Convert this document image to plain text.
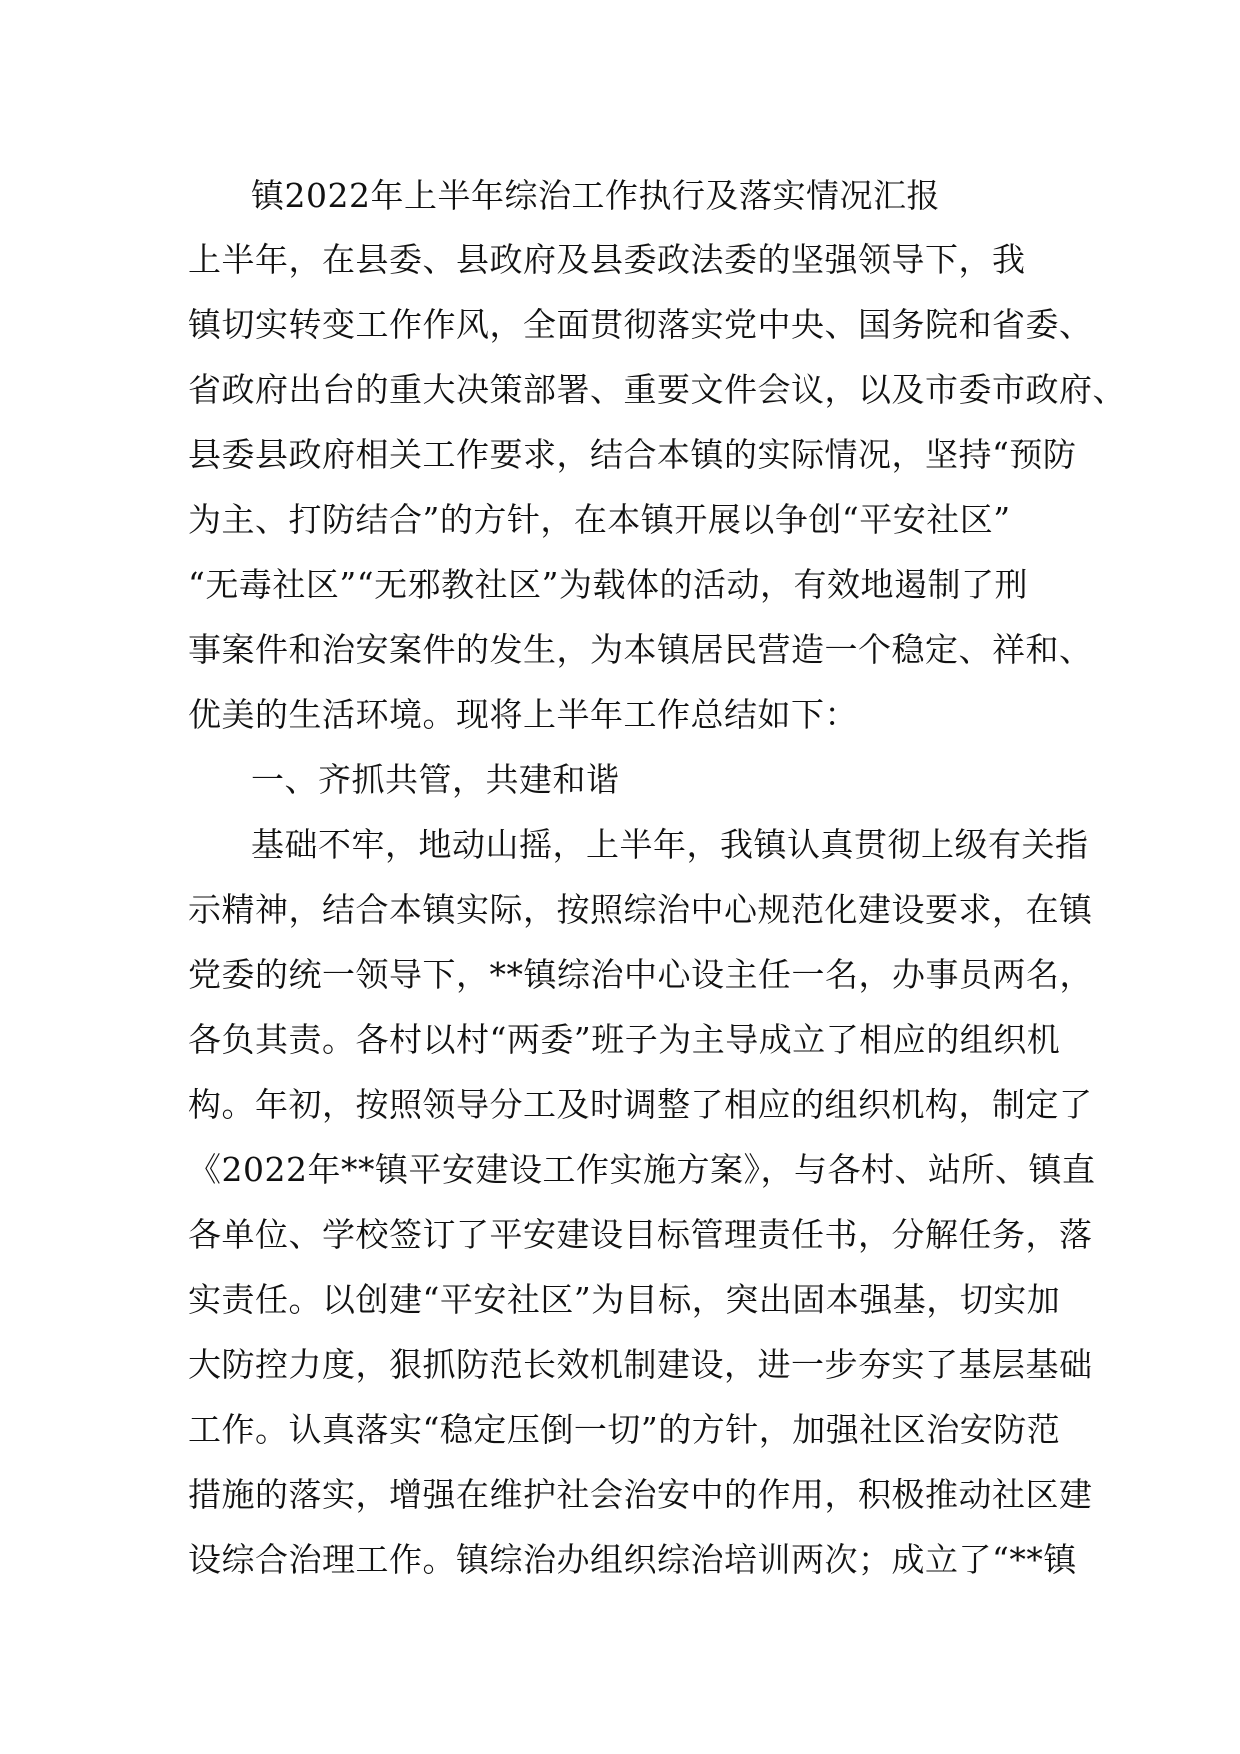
镇2022年上半年综治工作执行及落实情况汇报
上半年，在县委、县政府及县委政法委的坚强领导下，我
镇切实转变工作作风，全面贯彻落实党中央、国务院和省委、
省政府出台的重大决策部署、重要文件会议，以及市委市政府、
县委县政府相关工作要求，结合本镇的实际情况，坚持“预防
为主、打防结合”的方针，在本镇开展以争创“平安社区”
“无毒社区”“无邪教社区”为载体的活动，有效地遏制了刑
事案件和治安案件的发生，为本镇居民营造一个稳定、祥和、
优美的生活环境。现将上半年工作总结如下：
一、齐抓共管，共建和谐
基础不牢，地动山摇，上半年，我镇认真贯彻上级有关指
示精神，结合本镇实际，按照综治中心规范化建设要求，在镇
党委的统一领导下，**镇综治中心设主任一名，办事员两名，
各负其责。各村以村“两委”班子为主导成立了相应的组织机
构。年初，按照领导分工及时调整了相应的组织机构，制定了
《2022年**镇平安建设工作实施方案》，与各村、站所、镇直
各单位、学校签订了平安建设目标管理责任书，分解任务，落
实责任。以创建“平安社区”为目标，突出固本强基，切实加
大防控力度，狠抓防范长效机制建设，进一步夯实了基层基础
工作。认真落实“稳定压倒一切”的方针，加强社区治安防范
措施的落实，增强在维护社会治安中的作用，积极推动社区建
设综合治理工作。镇综治办组织综治培训两次；成立了“**镇
